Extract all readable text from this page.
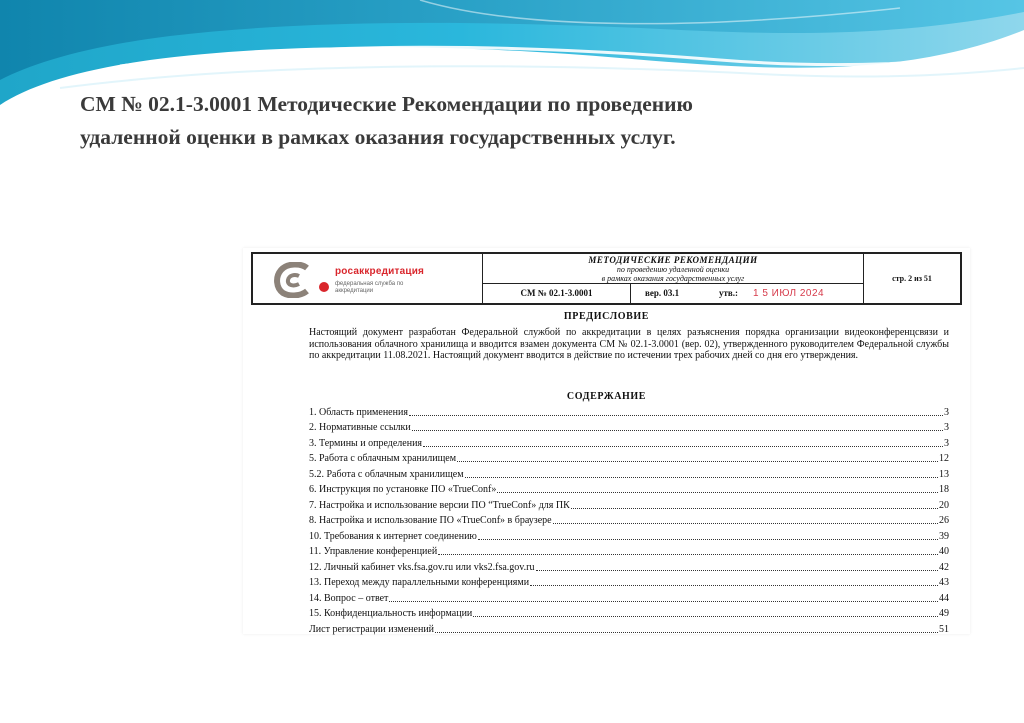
СМ № 02.1-3.0001 Методические Рекомендации по проведению
удаленной оценки в рамках оказания государственных услуг.
росаккредитация
федеральная служба по аккредитации
МЕТОДИЧЕСКИЕ РЕКОМЕНДАЦИИ
по проведению удаленной оценки
в рамках оказания государственных услуг
СМ № 02.1-3.0001	вер. 03.1	утв.: 1 5 ИЮЛ 2024
стр. 2 из 51
ПРЕДИСЛОВИЕ

Настоящий документ разработан Федеральной службой по аккредитации в целях разъяснения порядка организации видеоконференцсвязи и использования облачного хранилища и вводится взамен документа СМ № 02.1-3.0001 (вер. 02), утвержденного руководителем Федеральной службы по аккредитации 11.08.2021. Настоящий документ вводится в действие по истечении трех рабочих дней со дня его утверждения.

СОДЕРЖАНИЕ
1. Область применения	3
2. Нормативные ссылки	3
3. Термины и определения	3
5. Работа с облачным хранилищем	12
5.2. Работа с облачным хранилищем	13
6. Инструкция по установке ПО «TrueConf»	18
7. Настройка и использование версии ПО “TrueConf» для ПК	20
8. Настройка и использование ПО «TrueConf» в браузере	26
10. Требования к интернет соединению	39
11. Управление конференцией	40
12. Личный кабинет vks.fsa.gov.ru или vks2.fsa.gov.ru	42
13. Переход между параллельными конференциями	43
14. Вопрос – ответ	44
15. Конфиденциальность информации	49
Лист регистрации изменений	51
